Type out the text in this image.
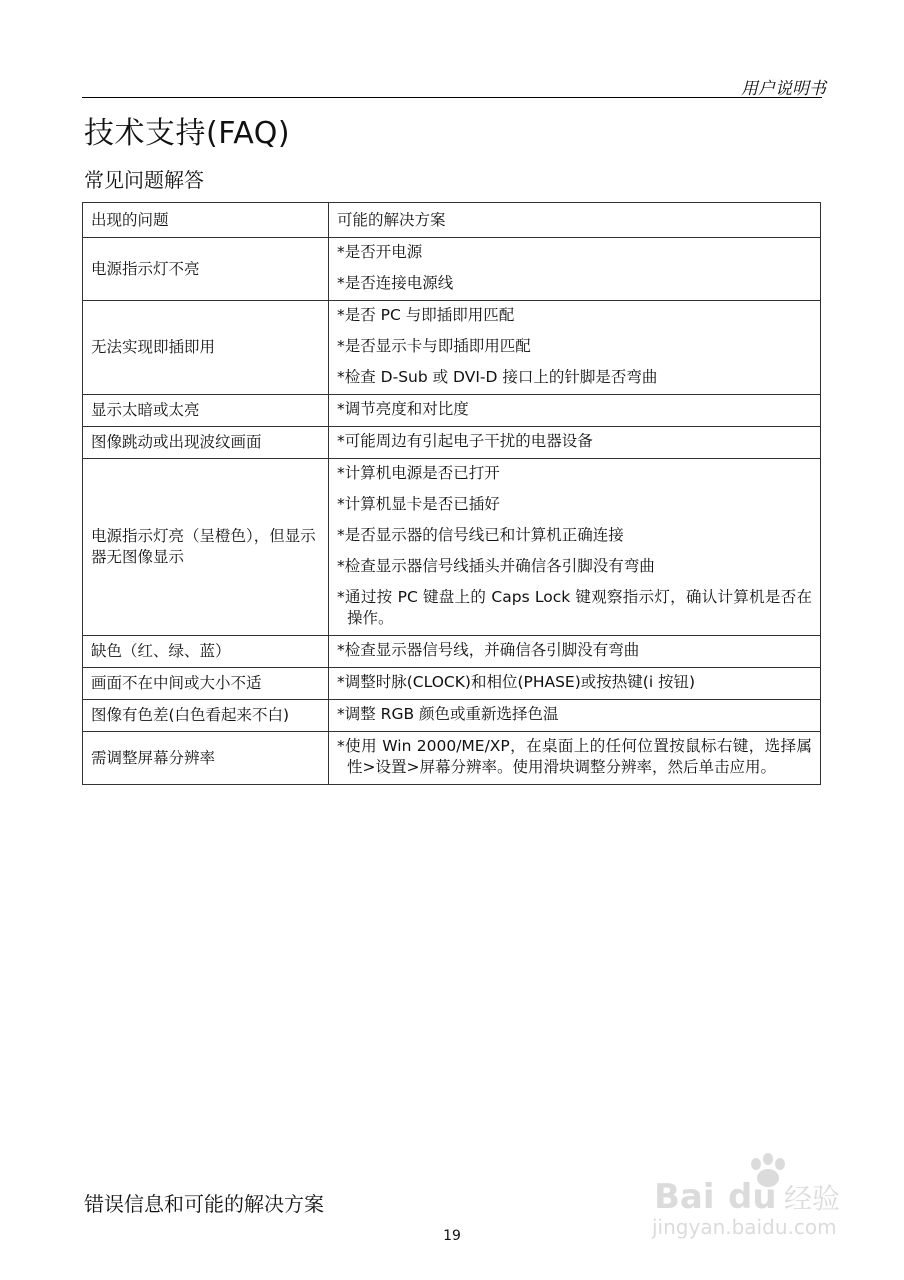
用户说明书
技术支持(FAQ)
常见问题解答
出现的问题	可能的解决方案
电源指示灯不亮	*是否开电源
*是否连接电源线

无法实现即插即用	*是否 PC 与即插即用匹配
*是否显示卡与即插即用匹配
*检查 D-Sub 或 DVI-D 接口上的针脚是否弯曲

显示太暗或太亮	*调节亮度和对比度

图像跳动或出现波纹画面	*可能周边有引起电子干扰的电器设备

电源指示灯亮（呈橙色），但显示器无图像显示	*计算机电源是否已打开
*计算机显卡是否已插好
*是否显示器的信号线已和计算机正确连接
*检查显示器信号线插头并确信各引脚没有弯曲
*通过按 PC 键盘上的 Caps Lock 键观察指示灯，确认计算机是否在操作。

缺色（红、绿、蓝）	*检查显示器信号线，并确信各引脚没有弯曲

画面不在中间或大小不适	*调整时脉(CLOCK)和相位(PHASE)或按热键(i 按钮)

图像有色差(白色看起来不白)	*调整 RGB 颜色或重新选择色温

需调整屏幕分辨率	*使用 Win 2000/ME/XP，在桌面上的任何位置按鼠标右键，选择属性>设置>屏幕分辨率。使用滑块调整分辨率，然后单击应用。
错误信息和可能的解决方案
19
Bai du 经验
jingyan.baidu.com
